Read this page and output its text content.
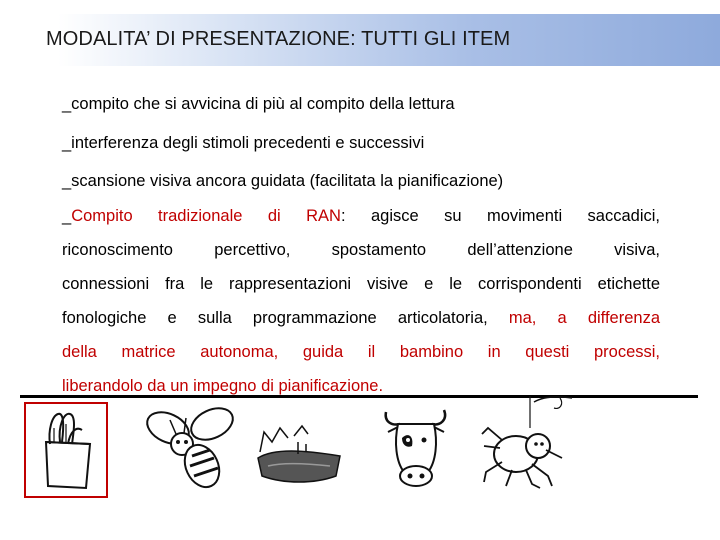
MODALITA’ DI PRESENTAZIONE: TUTTI GLI ITEM
_compito che si avvicina di più al compito della lettura
_interferenza degli stimoli precedenti e successivi
_scansione visiva ancora guidata (facilitata la pianificazione)
_Compito tradizionale di RAN: agisce su movimenti saccadici,
riconoscimento percettivo, spostamento dell’attenzione visiva,
connessioni fra le rappresentazioni visive e le corrispondenti etichette
fonologiche e sulla programmazione articolatoria, ma, a differenza
della matrice autonoma, guida il bambino in questi processi,
liberandolo da un impegno di pianificazione.
